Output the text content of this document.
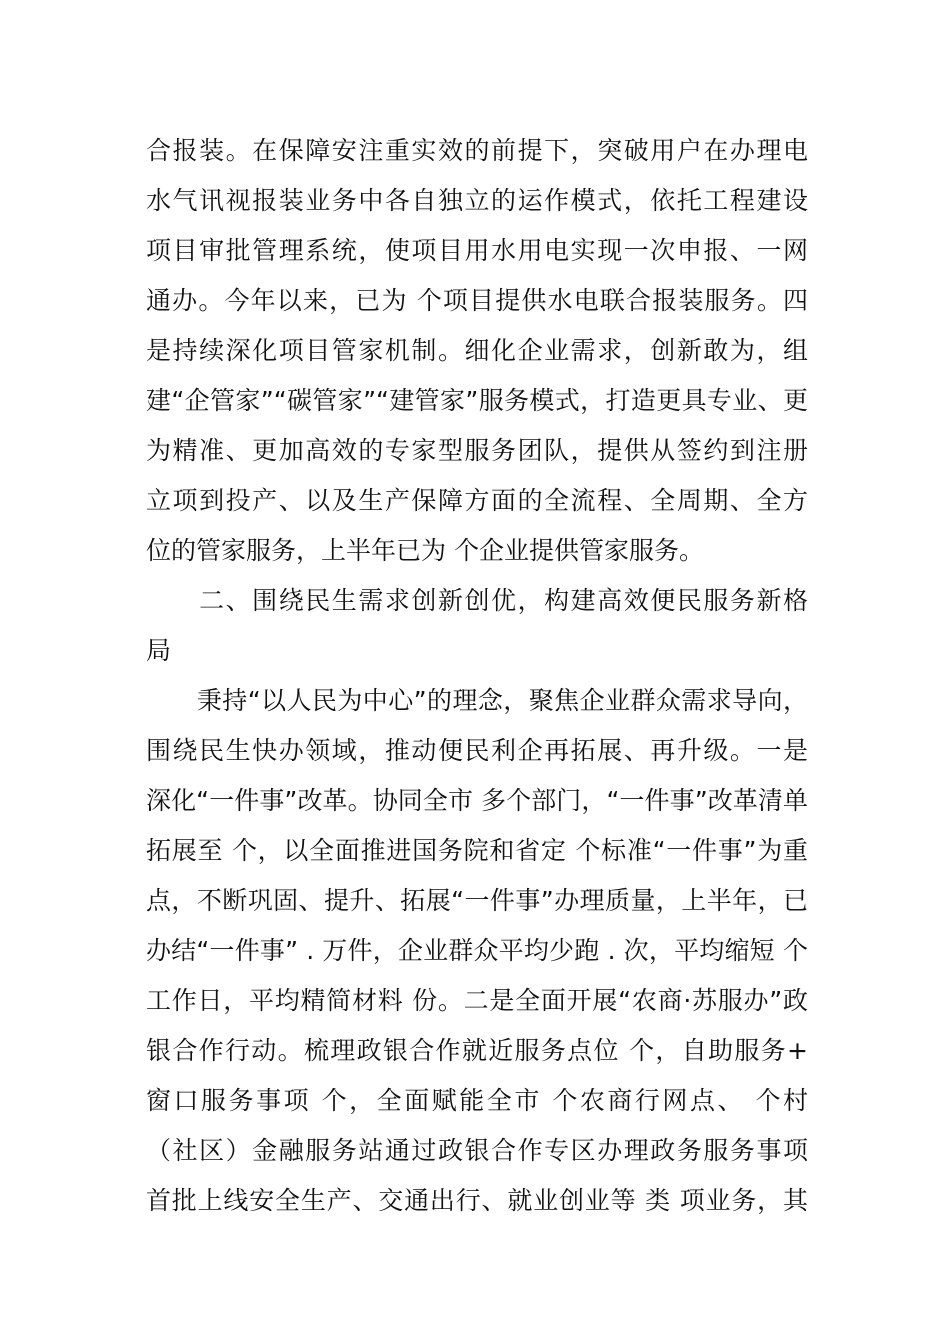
合报装。在保障安注重实效的前提下，突破用户在办理电
水气讯视报装业务中各自独立的运作模式，依托工程建设
项目审批管理系统，使项目用水用电实现一次申报、一网
通办。今年以来，已为 个项目提供水电联合报装服务。四
是持续深化项目管家机制。细化企业需求，创新敢为，组
建“企管家”“碳管家”“建管家”服务模式，打造更具专业、更
为精准、更加高效的专家型服务团队，提供从签约到注册
立项到投产、以及生产保障方面的全流程、全周期、全方
位的管家服务，上半年已为 个企业提供管家服务。
　　二、围绕民生需求创新创优，构建高效便民服务新格
局
　　秉持“以人民为中心”的理念，聚焦企业群众需求导向，
围绕民生快办领域，推动便民利企再拓展、再升级。一是
深化“一件事”改革。协同全市 多个部门，“一件事”改革清单
拓展至 个，以全面推进国务院和省定 个标准“一件事”为重
点，不断巩固、提升、拓展“一件事”办理质量，上半年，已
办结“一件事” . 万件，企业群众平均少跑 . 次，平均缩短 个
工作日，平均精简材料 份。二是全面开展“农商·苏服办”政
银合作行动。梳理政银合作就近服务点位 个，自助服务+
窗口服务事项 个，全面赋能全市 个农商行网点、 个村
（社区）金融服务站通过政银合作专区办理政务服务事项
首批上线安全生产、交通出行、就业创业等 类 项业务，其
